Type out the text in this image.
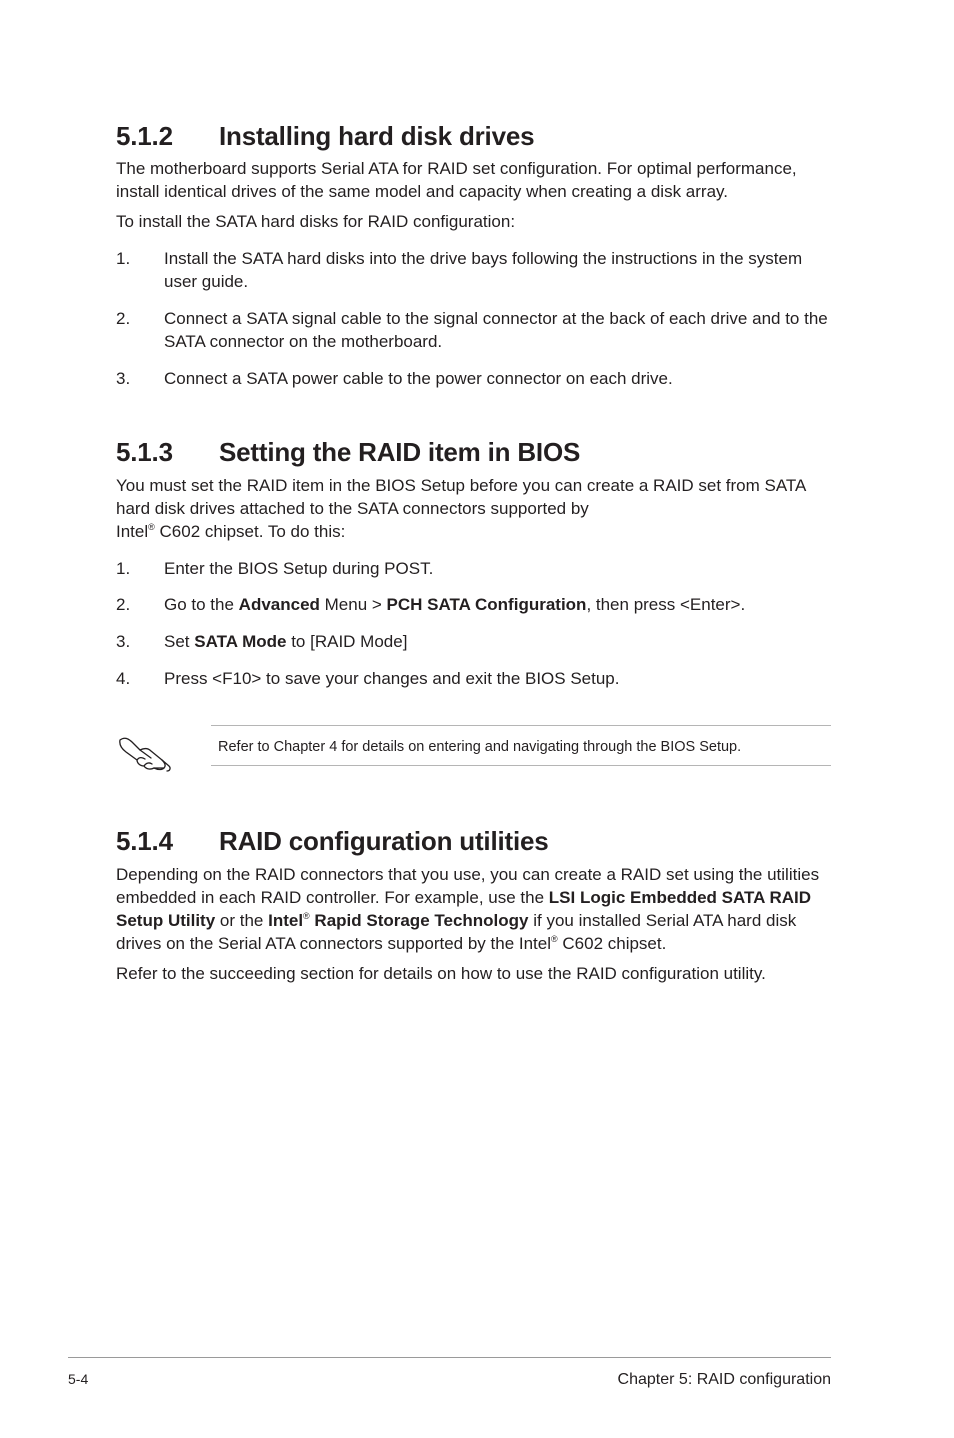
5.1.2 Installing hard disk drives
The motherboard supports Serial ATA for RAID set configuration. For optimal performance, install identical drives of the same model and capacity when creating a disk array.
To install the SATA hard disks for RAID configuration:
1. Install the SATA hard disks into the drive bays following the instructions in the system user guide.
2. Connect a SATA signal cable to the signal connector at the back of each drive and to the SATA connector on the motherboard.
3. Connect a SATA power cable to the power connector on each drive.
5.1.3 Setting the RAID item in BIOS
You must set the RAID item in the BIOS Setup before you can create a RAID set from SATA hard disk drives attached to the SATA connectors supported by
Intel® C602 chipset. To do this:
1. Enter the BIOS Setup during POST.
2. Go to the Advanced Menu > PCH SATA Configuration, then press <Enter>.
3. Set SATA Mode to [RAID Mode]
4. Press <F10> to save your changes and exit the BIOS Setup.
Refer to Chapter 4 for details on entering and navigating through the BIOS Setup.
5.1.4 RAID configuration utilities
Depending on the RAID connectors that you use, you can create a RAID set using the utilities embedded in each RAID controller. For example, use the LSI Logic Embedded SATA RAID Setup Utility or the Intel® Rapid Storage Technology if you installed Serial ATA hard disk drives on the Serial ATA connectors supported by the Intel® C602 chipset.
Refer to the succeeding section for details on how to use the RAID configuration utility.
5-4	Chapter 5: RAID configuration
